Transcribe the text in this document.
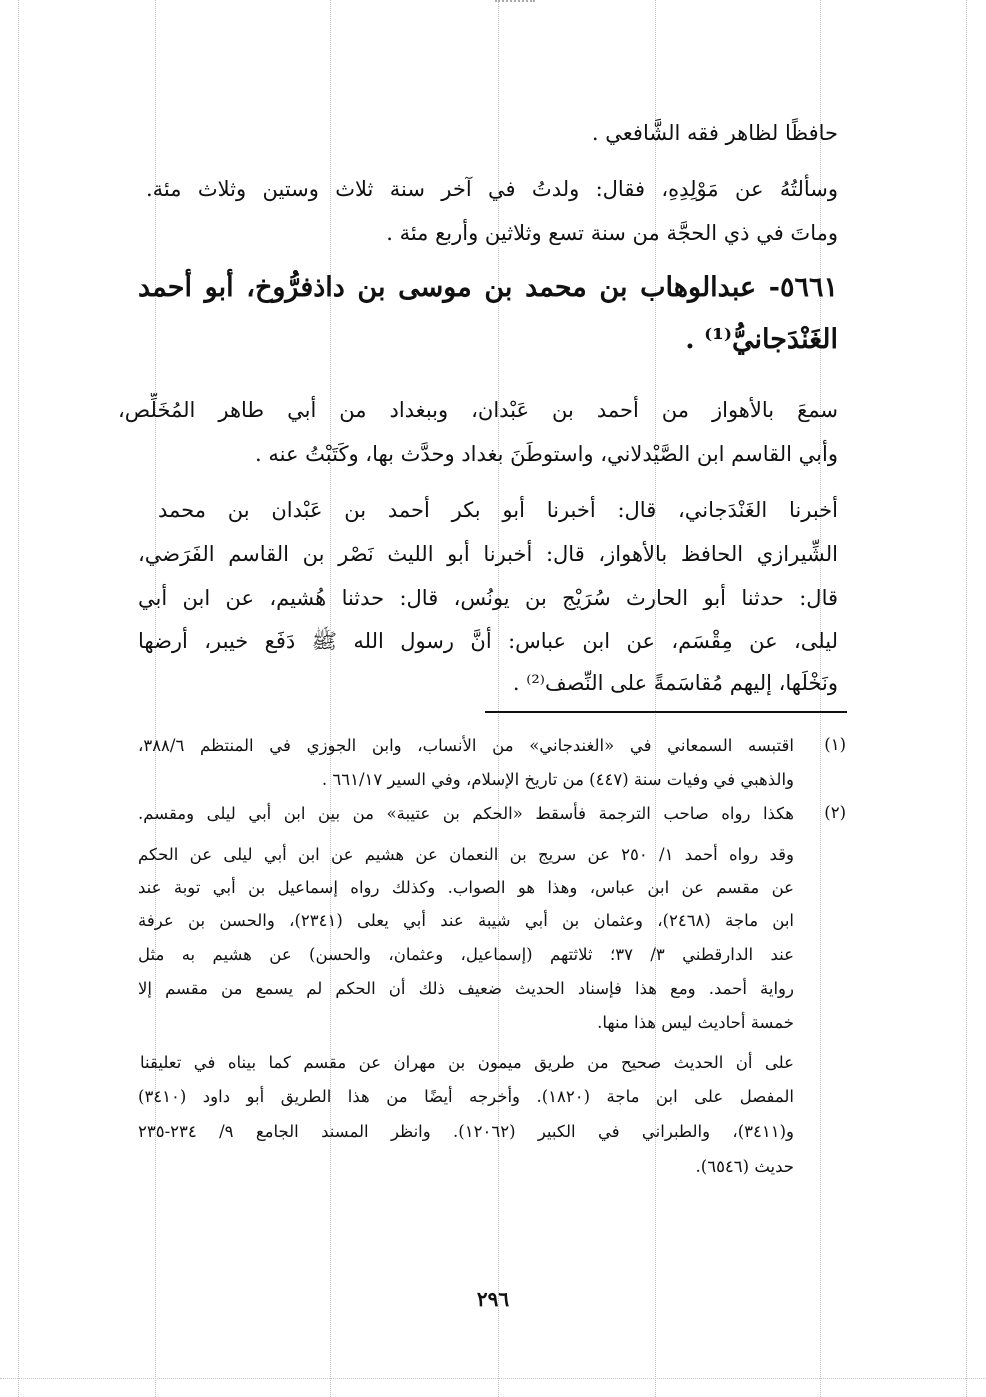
حافظًا لظاهر فقه الشَّافعي .
وسألتُهُ عن مَوْلِدِهِ، فقال: ولدتُ في آخر سنة ثلاث وستين وثلاث مئة.
وماتَ في ذي الحجَّة من سنة تسع وثلاثين وأربع مئة .
٥٦٦١- عبدالوهاب بن محمد بن موسى بن داذفرُّوخ، أبو أحمد
الغَنْدَجانيُّ⁽¹⁾ .
سمعَ بالأهواز من أحمد بن عَبْدان، وببغداد من أبي طاهر المُخَلِّص،
وأبي القاسم ابن الصَّيْدلاني، واستوطَنَ بغداد وحدَّث بها، وكَتَبْتُ عنه .
أخبرنا الغَنْدَجاني، قال: أخبرنا أبو بكر أحمد بن عَبْدان بن محمد
الشِّيرازي الحافظ بالأهواز، قال: أخبرنا أبو الليث نَصْر بن القاسم الفَرَضي،
قال: حدثنا أبو الحارث سُرَيْج بن يونُس، قال: حدثنا هُشيم، عن ابن أبي
ليلى، عن مِقْسَم، عن ابن عباس: أنَّ رسول الله ﷺ دَفَع خيبر، أرضها
ونَخْلَها، إليهم مُقاسَمةً على النِّصف⁽²⁾ .
(١)
اقتبسه السمعاني في «الغندجاني» من الأنساب، وابن الجوزي في المنتظم ٣٨٨/٦،
والذهبي في وفيات سنة (٤٤٧) من تاريخ الإسلام، وفي السير ٦٦١/١٧ .
(٢)
هكذا رواه صاحب الترجمة فأسقط «الحكم بن عتيبة» من بين ابن أبي ليلى ومقسم.
وقد رواه أحمد ١/ ٢٥٠ عن سريج بن النعمان عن هشيم عن ابن أبي ليلى عن الحكم
عن مقسم عن ابن عباس، وهذا هو الصواب. وكذلك رواه إسماعيل بن أبي توبة عند
ابن ماجة (٢٤٦٨)، وعثمان بن أبي شيبة عند أبي يعلى (٢٣٤١)، والحسن بن عرفة
عند الدارقطني ٣/ ٣٧؛ ثلاثتهم (إسماعيل، وعثمان، والحسن) عن هشيم به مثل
رواية أحمد. ومع هذا فإسناد الحديث ضعيف ذلك أن الحكم لم يسمع من مقسم إلا
خمسة أحاديث ليس هذا منها.
على أن الحديث صحيح من طريق ميمون بن مهران عن مقسم كما بيناه في تعليقنا
المفصل على ابن ماجة (١٨٢٠). وأخرجه أيضًا من هذا الطريق أبو داود (٣٤١٠)
و(٣٤١١)، والطبراني في الكبير (١٢٠٦٢). وانظر المسند الجامع ٩/ ٢٣٤-٢٣٥
حديث (٦٥٤٦).
٢٩٦
